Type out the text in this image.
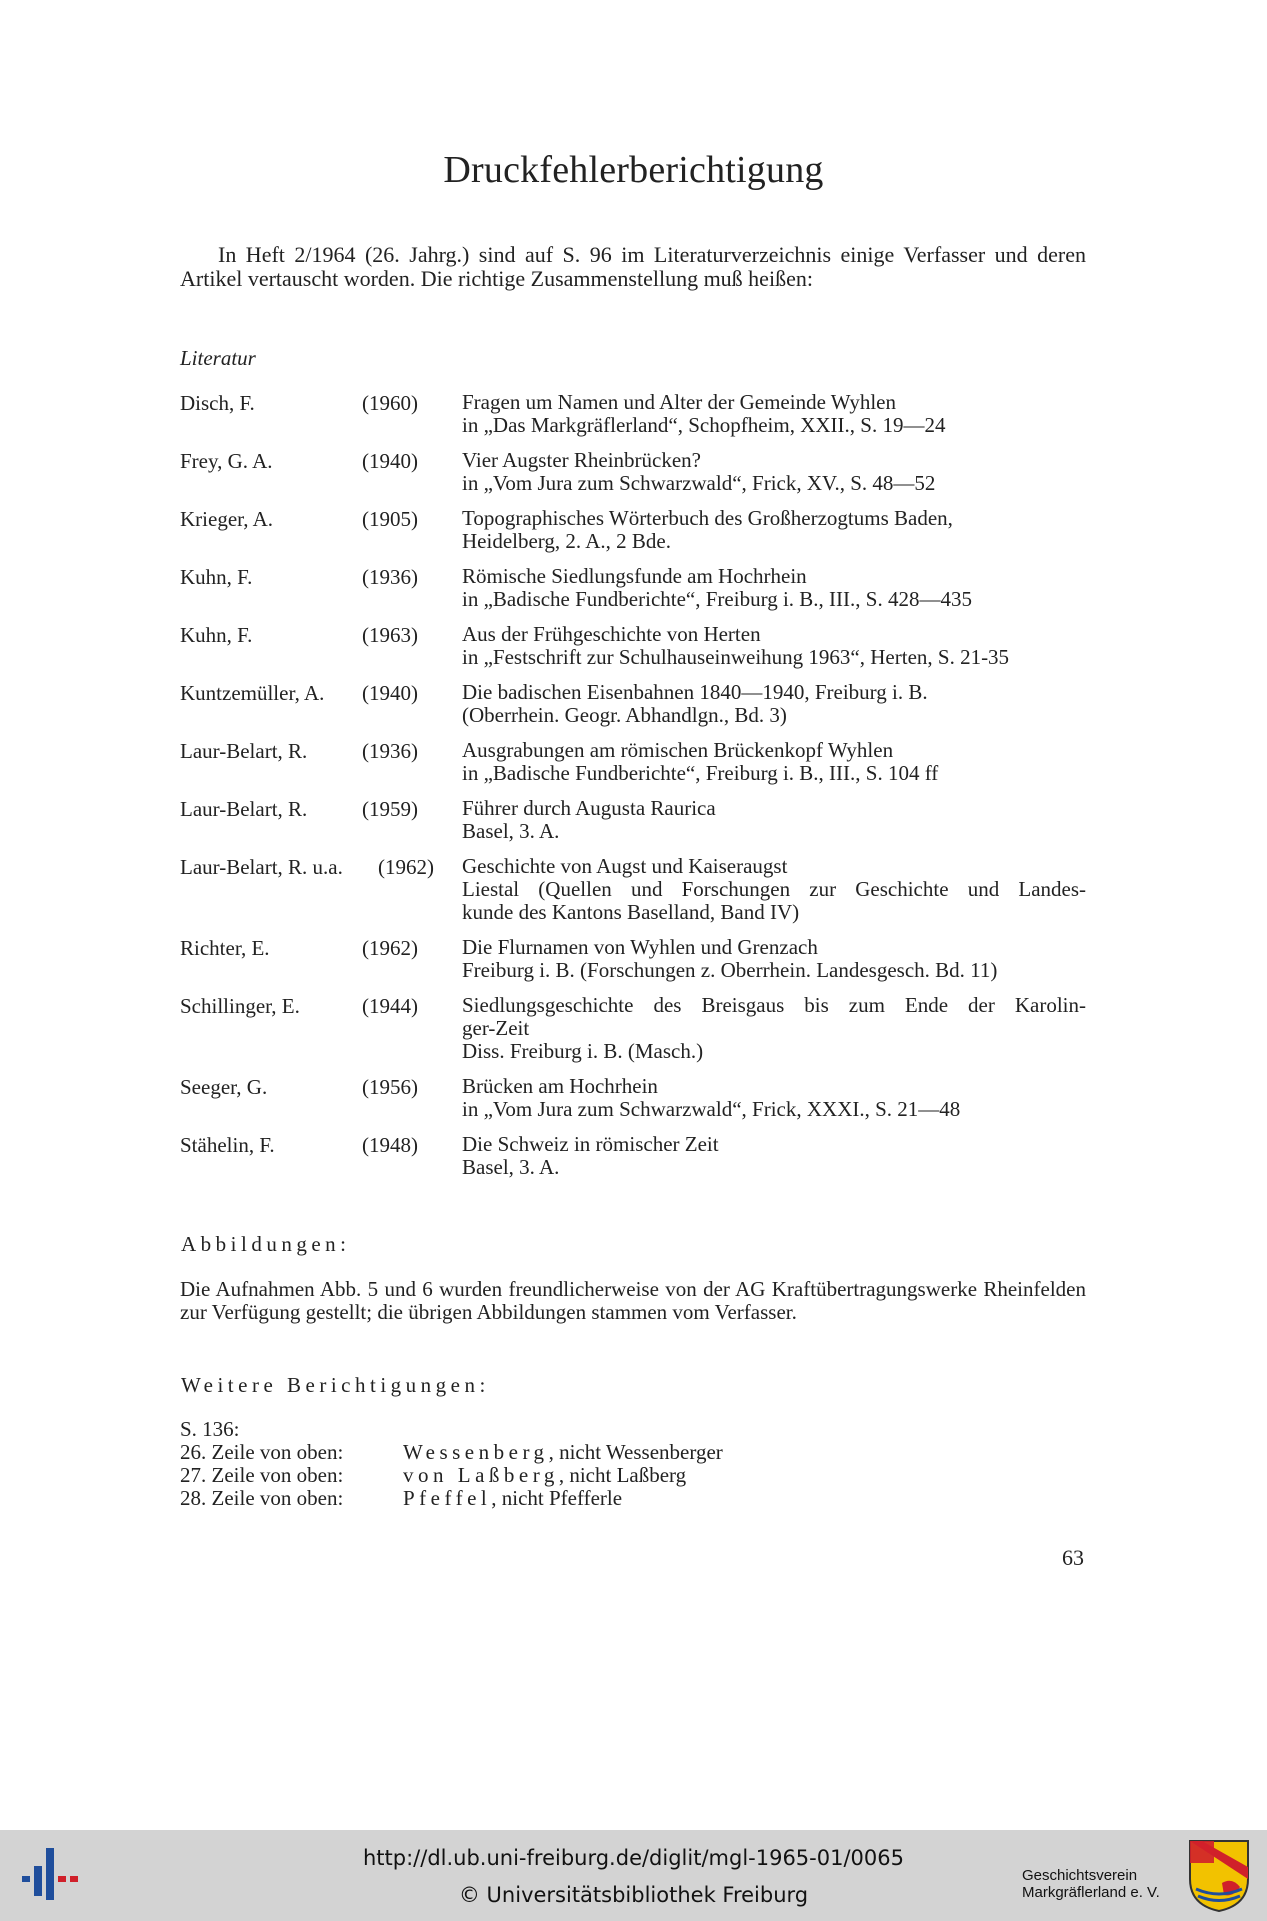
Druckfehlerberichtigung
In Heft 2/1964 (26. Jahrg.) sind auf S. 96 im Literaturverzeichnis einige Verfasser und deren Artikel vertauscht worden. Die richtige Zusammenstellung muß heißen:
Literatur
Disch, F.	(1960) Fragen um Namen und Alter der Gemeinde Wyhlen
in „Das Markgräflerland“, Schopfheim, XXII., S. 19—24
Frey, G. A.	(1940) Vier Augster Rheinbrücken?
in „Vom Jura zum Schwarzwald“, Frick, XV., S. 48—52
Krieger, A.	(1905) Topographisches Wörterbuch des Großherzogtums Baden,
Heidelberg, 2. A., 2 Bde.
Kuhn, F.	(1936) Römische Siedlungsfunde am Hochrhein
in „Badische Fundberichte“, Freiburg i. B., III., S. 428—435
Kuhn, F.	(1963) Aus der Frühgeschichte von Herten
in „Festschrift zur Schulhauseinweihung 1963“, Herten, S. 21-35
Kuntzemüller, A. (1940) Die badischen Eisenbahnen 1840—1940, Freiburg i. B.
(Oberrhein. Geogr. Abhandlgn., Bd. 3)
Laur-Belart, R.	(1936) Ausgrabungen am römischen Brückenkopf Wyhlen
in „Badische Fundberichte“, Freiburg i. B., III., S. 104 ff
Laur-Belart, R.	(1959) Führer durch Augusta Raurica
Basel, 3. A.
Laur-Belart, R. u.a. (1962) Geschichte von Augst und Kaiseraugst
Liestal (Quellen und Forschungen zur Geschichte und Landes-
kunde des Kantons Baselland, Band IV)
Richter, E.	(1962) Die Flurnamen von Wyhlen und Grenzach
Freiburg i. B. (Forschungen z. Oberrhein. Landesgesch. Bd. 11)
Schillinger, E.	(1944) Siedlungsgeschichte des Breisgaus bis zum Ende der Karolin-
ger-Zeit
Diss. Freiburg i. B. (Masch.)
Seeger, G.	(1956) Brücken am Hochrhein
in „Vom Jura zum Schwarzwald“, Frick, XXXI., S. 21—48
Stähelin, F.	(1948) Die Schweiz in römischer Zeit
Basel, 3. A.
Abbildungen:
Die Aufnahmen Abb. 5 und 6 wurden freundlicherweise von der AG Kraftübertragungswerke Rheinfelden zur Verfügung gestellt; die übrigen Abbildungen stammen vom Verfasser.
Weitere Berichtigungen:
S. 136:
26. Zeile von oben:	Wessenberg, nicht Wessenberger
27. Zeile von oben:	von Laßberg, nicht Laßberg
28. Zeile von oben:	Pfeffel, nicht Pfefferle
63
http://dl.ub.uni-freiburg.de/diglit/mgl-1965-01/0065
© Universitätsbibliothek Freiburg
Geschichtsverein
Markgräflerland e. V.
